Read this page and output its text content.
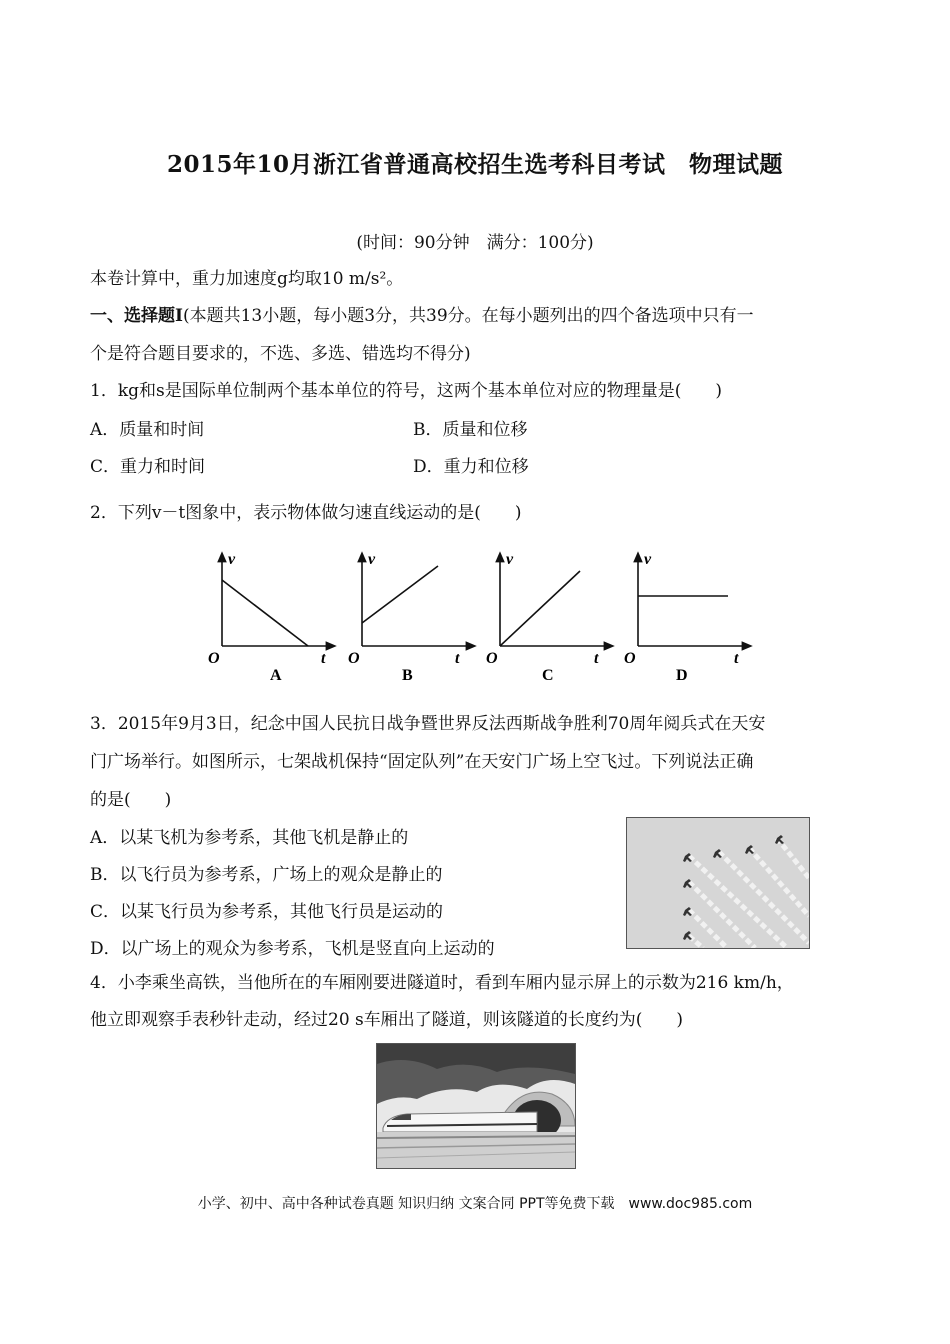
2015年10月浙江省普通高校招生选考科目考试　物理试题
(时间：90分钟　满分：100分)
本卷计算中，重力加速度g均取10 m/s²。
一、选择题Ⅰ(本题共13小题，每小题3分，共39分。在每小题列出的四个备选项中只有一
个是符合题目要求的，不选、多选、错选均不得分)
1．kg和s是国际单位制两个基本单位的符号，这两个基本单位对应的物理量是(　　)
A．质量和时间	B．质量和位移
C．重力和时间	D．重力和位移
2．下列v－t图象中，表示物体做匀速直线运动的是(　　)
v
O	t
A
v
O	t
B
v
O	t
C
v
O	t
D
3．2015年9月3日，纪念中国人民抗日战争暨世界反法西斯战争胜利70周年阅兵式在天安
门广场举行。如图所示，七架战机保持“固定队列”在天安门广场上空飞过。下列说法正确
的是(　　)
A．以某飞机为参考系，其他飞机是静止的
B．以飞行员为参考系，广场上的观众是静止的
C．以某飞行员为参考系，其他飞行员是运动的
D．以广场上的观众为参考系，飞机是竖直向上运动的
4．小李乘坐高铁，当他所在的车厢刚要进隧道时，看到车厢内显示屏上的示数为216 km/h，
他立即观察手表秒针走动，经过20 s车厢出了隧道，则该隧道的长度约为(　　)
小学、初中、高中各种试卷真题 知识归纳 文案合同 PPT等免费下载　www.doc985.com
